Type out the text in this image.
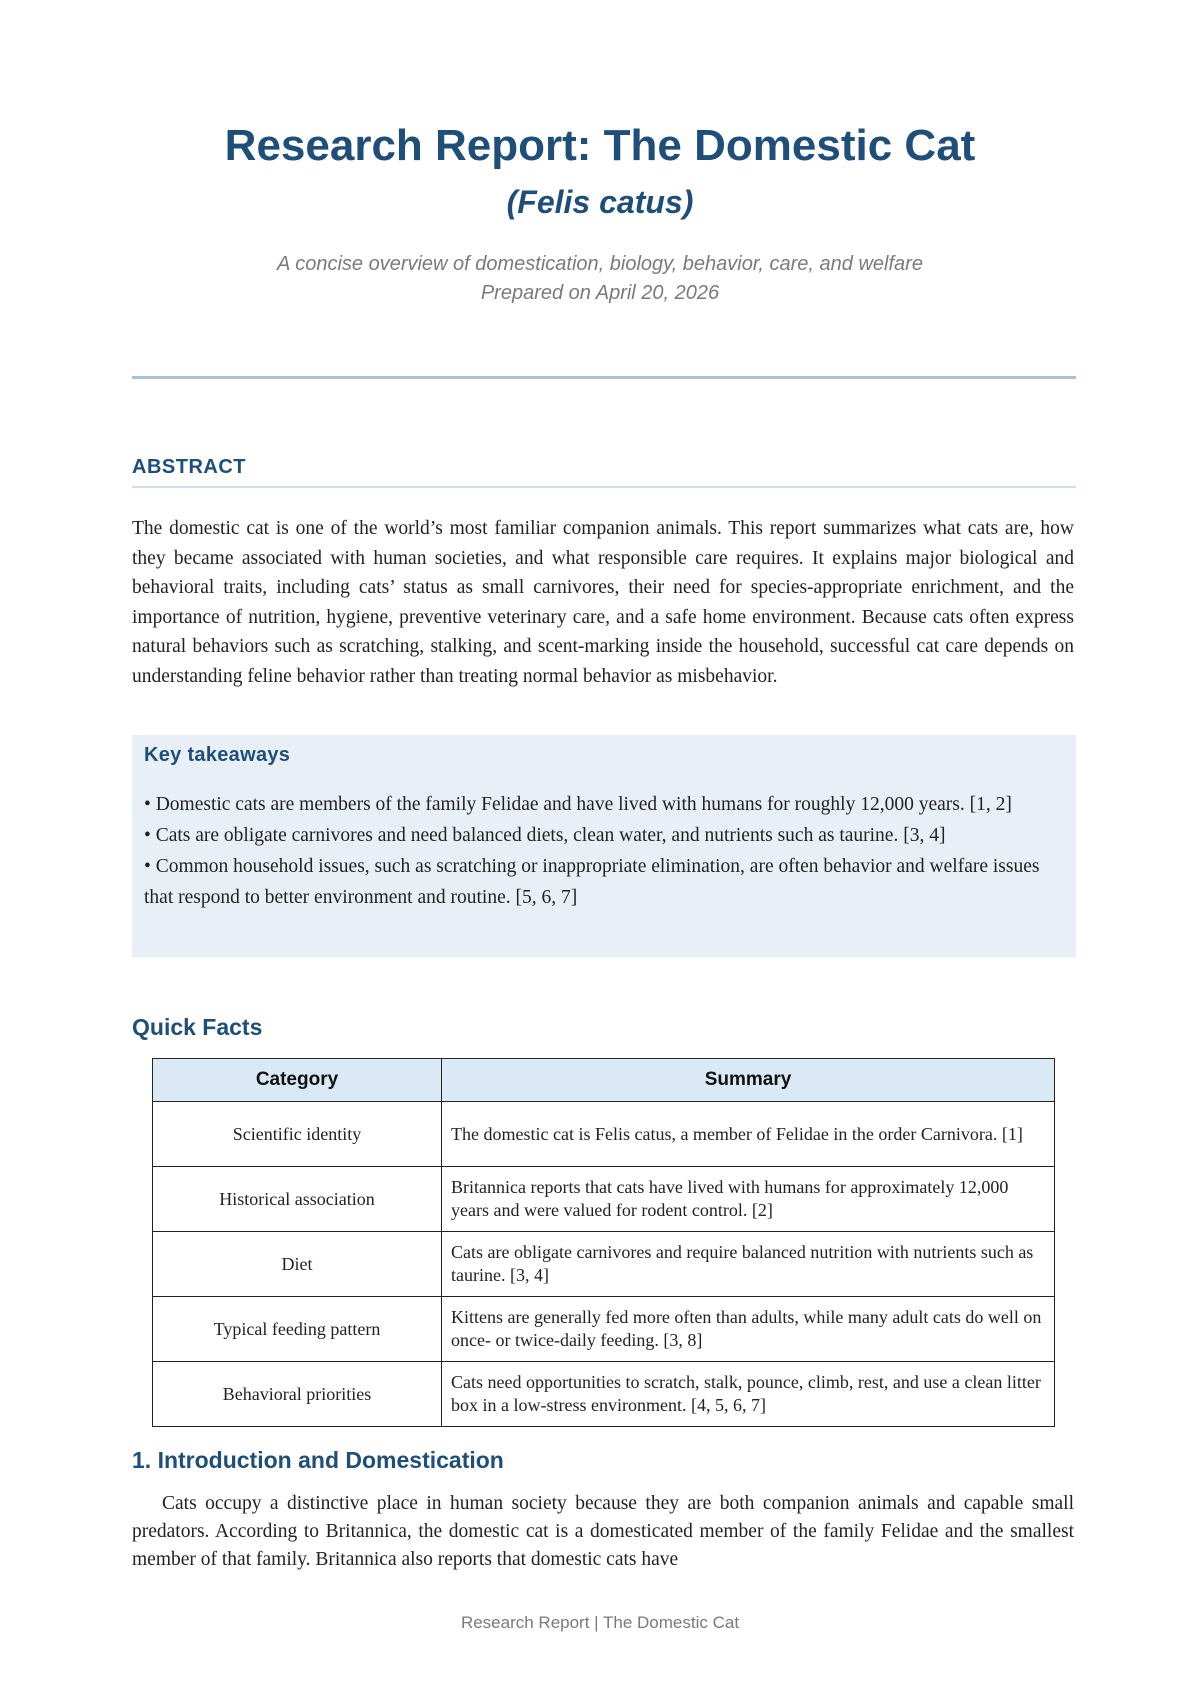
Research Report: The Domestic Cat
(Felis catus)
A concise overview of domestication, biology, behavior, care, and welfare
Prepared on April 20, 2026
ABSTRACT
The domestic cat is one of the world’s most familiar companion animals. This report summarizes what cats are, how they became associated with human societies, and what responsible care requires. It explains major biological and behavioral traits, including cats’ status as small carnivores, their need for species-appropriate enrichment, and the importance of nutrition, hygiene, preventive veterinary care, and a safe home environment. Because cats often express natural behaviors such as scratching, stalking, and scent-marking inside the household, successful cat care depends on understanding feline behavior rather than treating normal behavior as misbehavior.
Key takeaways
• Domestic cats are members of the family Felidae and have lived with humans for roughly 12,000 years. [1, 2]
• Cats are obligate carnivores and need balanced diets, clean water, and nutrients such as taurine. [3, 4]
• Common household issues, such as scratching or inappropriate elimination, are often behavior and welfare issues that respond to better environment and routine. [5, 6, 7]
Quick Facts
Category	Summary
Scientific identity	The domestic cat is Felis catus, a member of Felidae in the order Carnivora. [1]
Historical association	Britannica reports that cats have lived with humans for approximately 12,000 years and were valued for rodent control. [2]
Diet	Cats are obligate carnivores and require balanced nutrition with nutrients such as taurine. [3, 4]
Typical feeding pattern	Kittens are generally fed more often than adults, while many adult cats do well on once- or twice-daily feeding. [3, 8]
Behavioral priorities	Cats need opportunities to scratch, stalk, pounce, climb, rest, and use a clean litter box in a low-stress environment. [4, 5, 6, 7]
1. Introduction and Domestication
Cats occupy a distinctive place in human society because they are both companion animals and capable small predators. According to Britannica, the domestic cat is a domesticated member of the family Felidae and the smallest member of that family. Britannica also reports that domestic cats have
Research Report | The Domestic Cat
